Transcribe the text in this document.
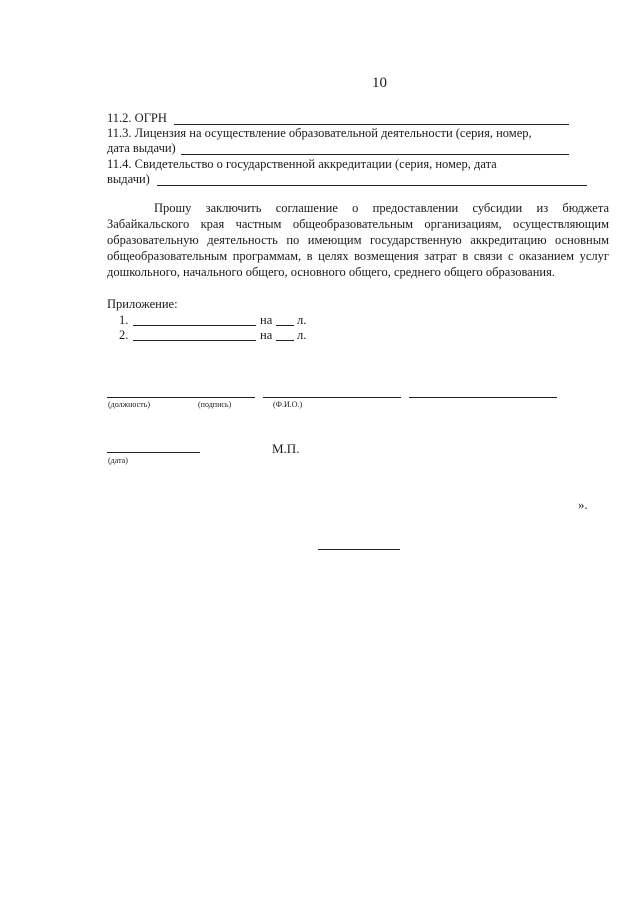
10
11.2. ОГРН
11.3. Лицензия на осуществление образовательной деятельности (серия, номер,
дата выдачи)
11.4. Свидетельство о государственной аккредитации (серия, номер, дата
выдачи)

Прошу заключить соглашение о предоставлении субсидии из бюджета Забайкальского края частным общеобразовательным организациям, осуществляющим образовательную деятельность по имеющим государственную аккредитацию основным общеобразовательным программам, в целях возмещения затрат в связи с оказанием услуг дошкольного, начального общего, основного общего, среднего общего образования.

Приложение:
1.	на л.
2.	на л.
(должность)	(подпись)	(Ф.И.О.)
(дата)
М.П.
».
